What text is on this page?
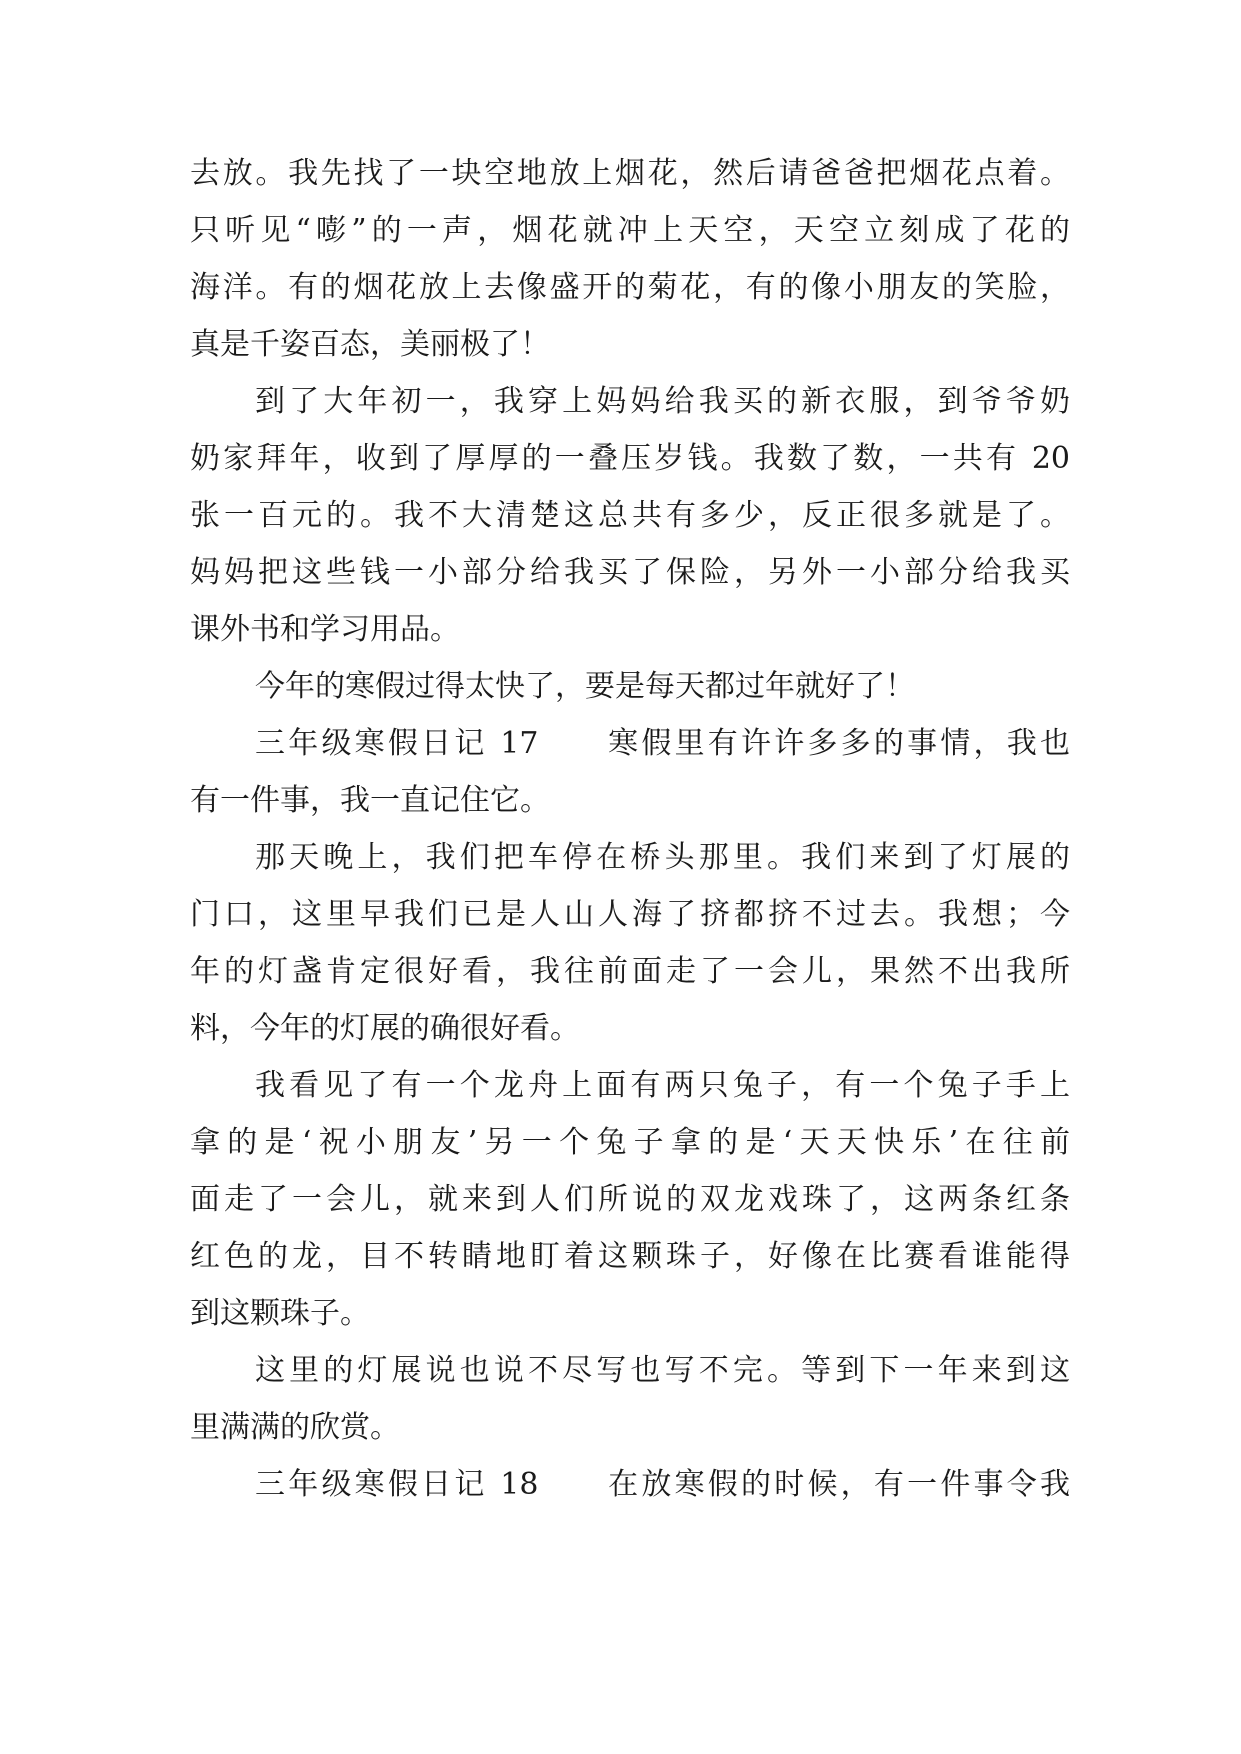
去放。我先找了一块空地放上烟花，然后请爸爸把烟花点着。
只听见“嘭”的一声，烟花就冲上天空，天空立刻成了花的
海洋。有的烟花放上去像盛开的菊花，有的像小朋友的笑脸，
真是千姿百态，美丽极了！
到了大年初一，我穿上妈妈给我买的新衣服，到爷爷奶
奶家拜年，收到了厚厚的一叠压岁钱。我数了数，一共有 20
张一百元的。我不大清楚这总共有多少，反正很多就是了。
妈妈把这些钱一小部分给我买了保险，另外一小部分给我买
课外书和学习用品。
今年的寒假过得太快了，要是每天都过年就好了！
三年级寒假日记 17　　寒假里有许许多多的事情，我也
有一件事，我一直记住它。
那天晚上，我们把车停在桥头那里。我们来到了灯展的
门口，这里早我们已是人山人海了挤都挤不过去。我想；今
年的灯盏肯定很好看，我往前面走了一会儿，果然不出我所
料，今年的灯展的确很好看。
我看见了有一个龙舟上面有两只兔子，有一个兔子手上
拿的是‘祝小朋友’另一个兔子拿的是‘天天快乐’在往前
面走了一会儿，就来到人们所说的双龙戏珠了，这两条红条
红色的龙，目不转睛地盯着这颗珠子，好像在比赛看谁能得
到这颗珠子。
这里的灯展说也说不尽写也写不完。等到下一年来到这
里满满的欣赏。
三年级寒假日记 18　　在放寒假的时候，有一件事令我
